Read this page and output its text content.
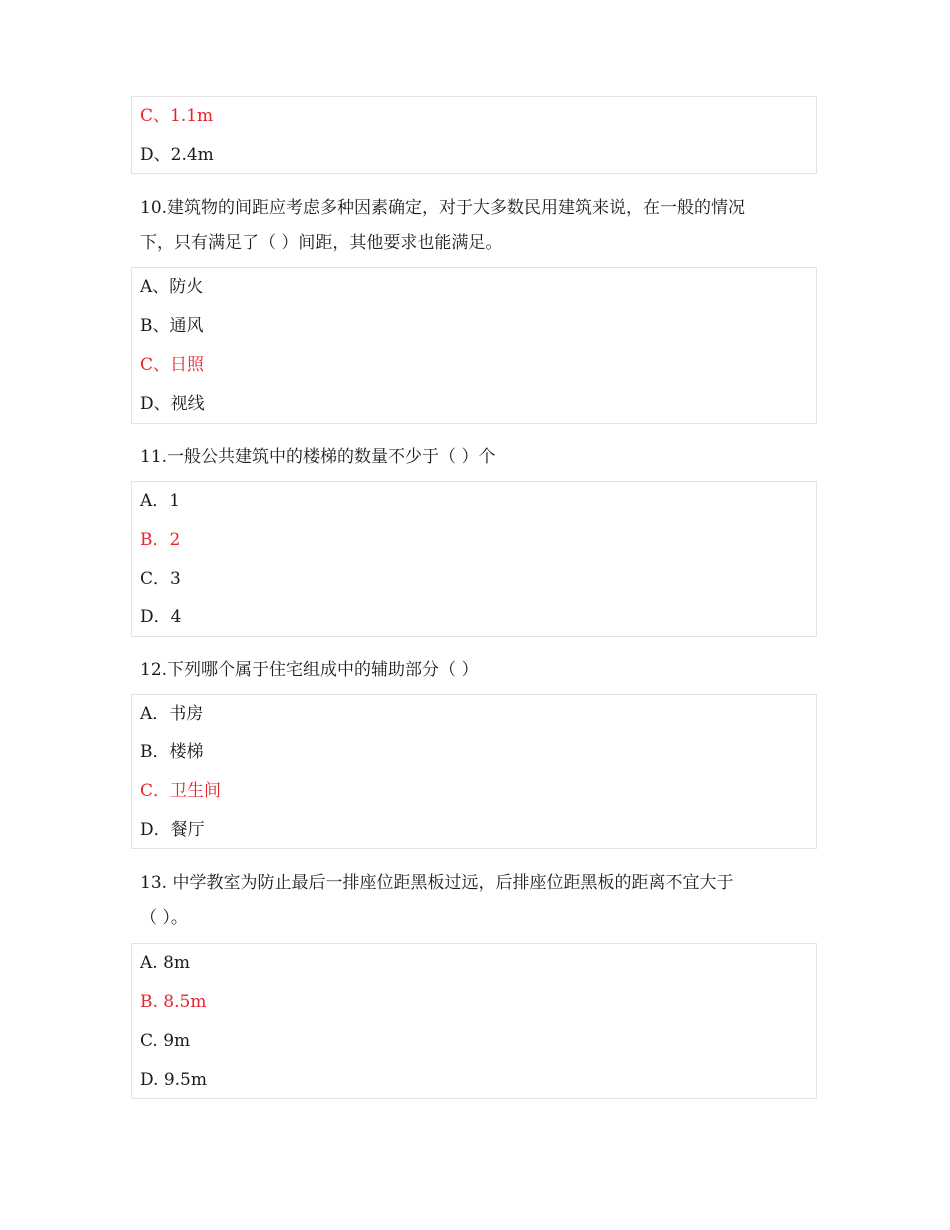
C、1.1m
D、2.4m
10.建筑物的间距应考虑多种因素确定，对于大多数民用建筑来说，在一般的情况
下，只有满足了（ ）间距，其他要求也能满足。
A、防火
B、通风
C、日照
D、视线
11.一般公共建筑中的楼梯的数量不少于（ ）个
A．1
B．2
C．3
D．4
12.下列哪个属于住宅组成中的辅助部分（ ）
A．书房
B．楼梯
C．卫生间
D．餐厅
13. 中学教室为防止最后一排座位距黑板过远，后排座位距黑板的距离不宜大于
（ ）。
A. 8m
B. 8.5m
C. 9m
D. 9.5m
